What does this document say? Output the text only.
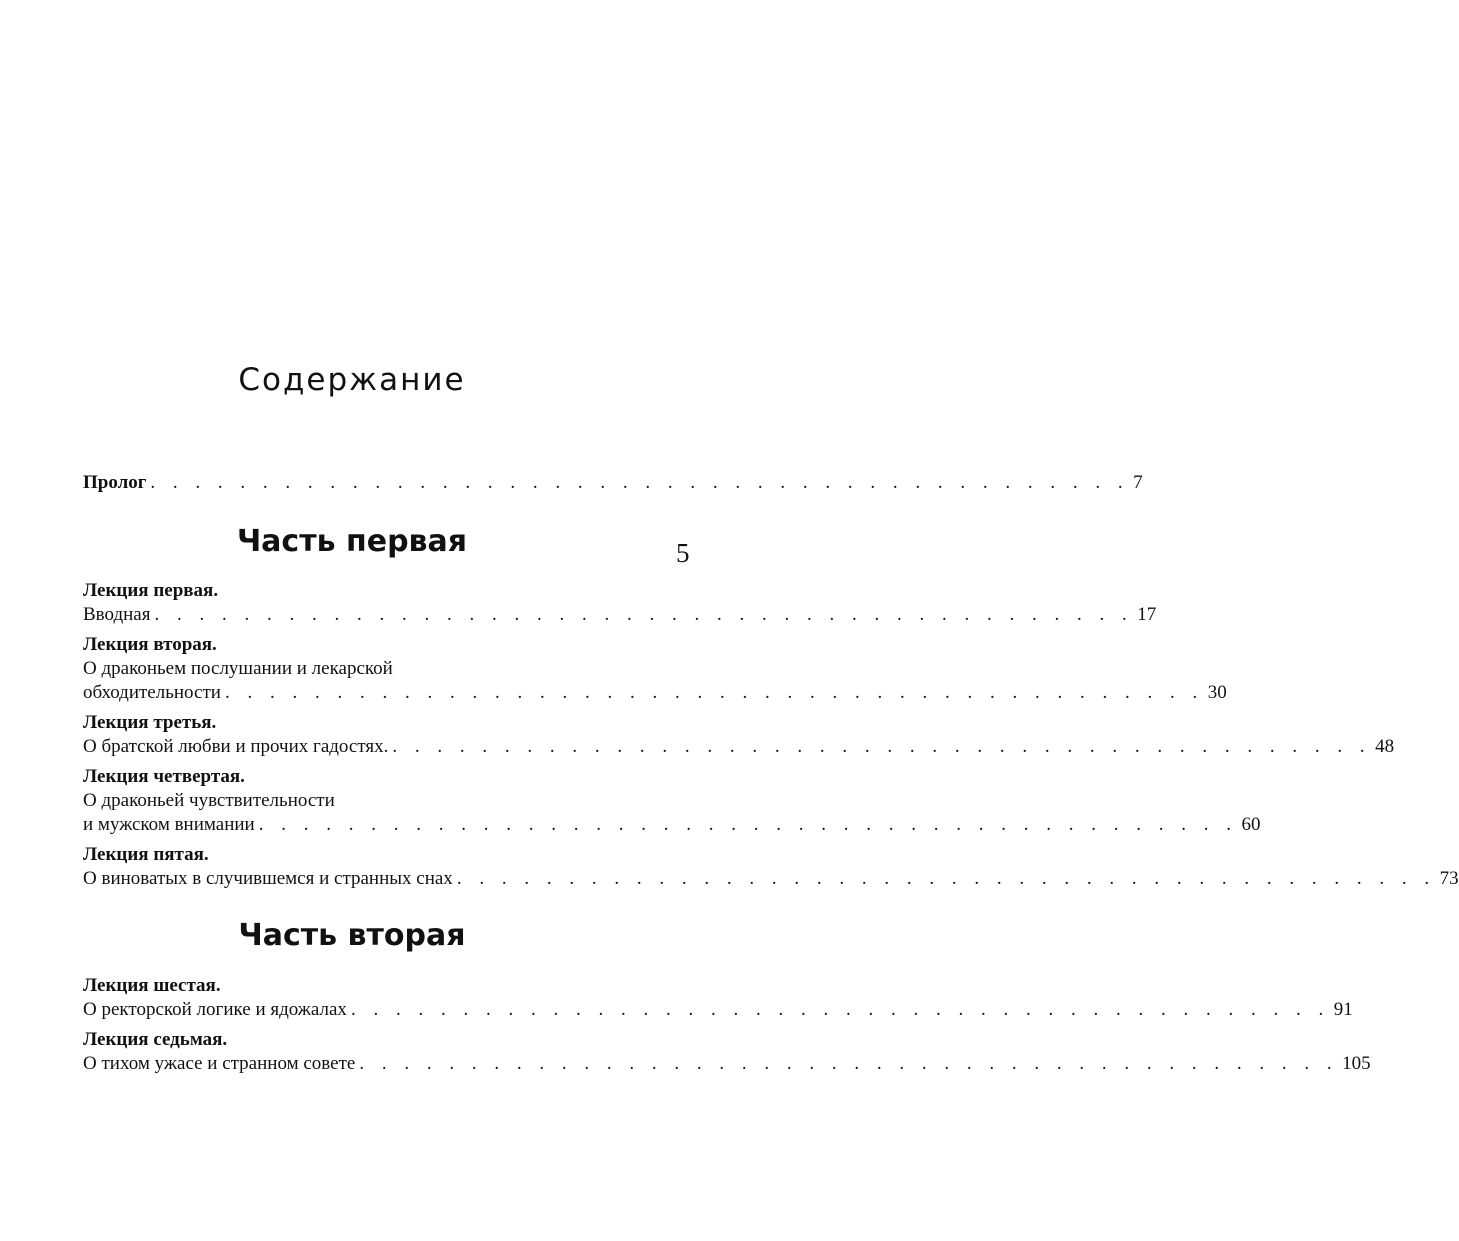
Содержание
5
Пролог . . . . . . . . . . . . . . . . . . . . . . . . . . . . . . . . . . . . . . . . . . . . 7
Часть первая
Лекция первая.
Вводная . . . . . . . . . . . . . . . . . . . . . . . . . . . . . . . . . . . . . . . . . . . . 17
Лекция вторая.
О драконьем послушании и лекарской
обходительности . . . . . . . . . . . . . . . . . . . . . . . . . . . . . . . . . . . . . . . . . . . . 30
Лекция третья.
О братской любви и прочих гадостях. . . . . . . . . . . . . . . . . . . . . . . . . . . . . . . . . . . . . . . . . . . . . 48
Лекция четвертая.
О драконьей чувствительности
и мужском внимании . . . . . . . . . . . . . . . . . . . . . . . . . . . . . . . . . . . . . . . . . . . . 60
Лекция пятая.
О виноватых в случившемся и странных снах . . . . . . . . . . . . . . . . . . . . . . . . . . . . . . . . . . . . . . . . . . . . 73
Часть вторая
Лекция шестая.
О ректорской логике и ядожалах . . . . . . . . . . . . . . . . . . . . . . . . . . . . . . . . . . . . . . . . . . . . 91
Лекция седьмая.
О тихом ужасе и странном совете . . . . . . . . . . . . . . . . . . . . . . . . . . . . . . . . . . . . . . . . . . . . 105
